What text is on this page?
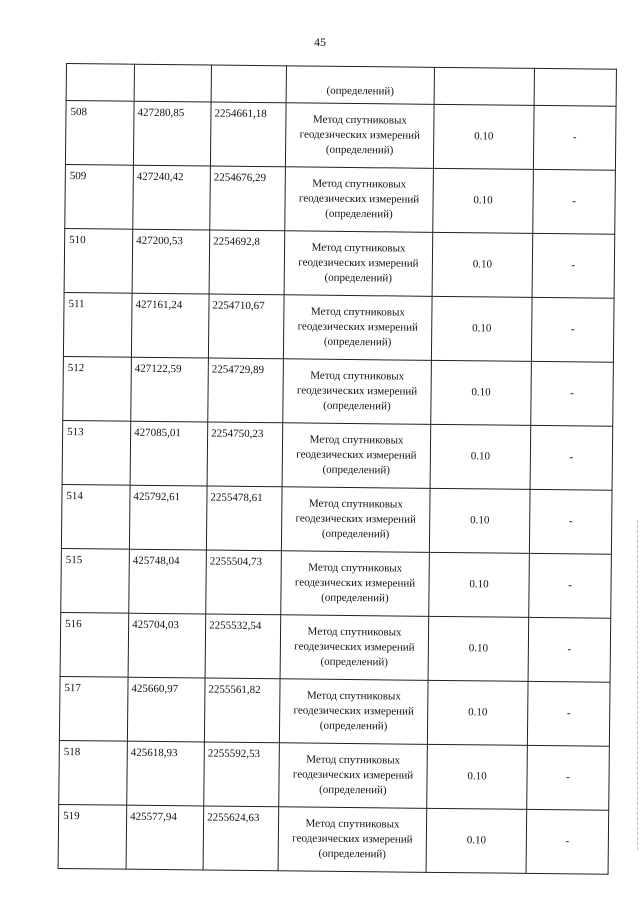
45
			(определений)		
508	427280,85	2254661,18	Метод спутниковых
геодезических измерений
(определений)	0.10	-
509	427240,42	2254676,29	Метод спутниковых
геодезических измерений
(определений)	0.10	-
510	427200,53	2254692,8	Метод спутниковых
геодезических измерений
(определений)	0.10	-
511	427161,24	2254710,67	Метод спутниковых
геодезических измерений
(определений)	0.10	-
512	427122,59	2254729,89	Метод спутниковых
геодезических измерений
(определений)	0.10	-
513	427085,01	2254750,23	Метод спутниковых
геодезических измерений
(определений)	0.10	-
514	425792,61	2255478,61	Метод спутниковых
геодезических измерений
(определений)	0.10	-
515	425748,04	2255504,73	Метод спутниковых
геодезических измерений
(определений)	0.10	-
516	425704,03	2255532,54	Метод спутниковых
геодезических измерений
(определений)	0.10	-
517	425660,97	2255561,82	Метод спутниковых
геодезических измерений
(определений)	0.10	-
518	425618,93	2255592,53	Метод спутниковых
геодезических измерений
(определений)	0.10	-
519	425577,94	2255624,63	Метод спутниковых
геодезических измерений
(определений)	0.10	-
